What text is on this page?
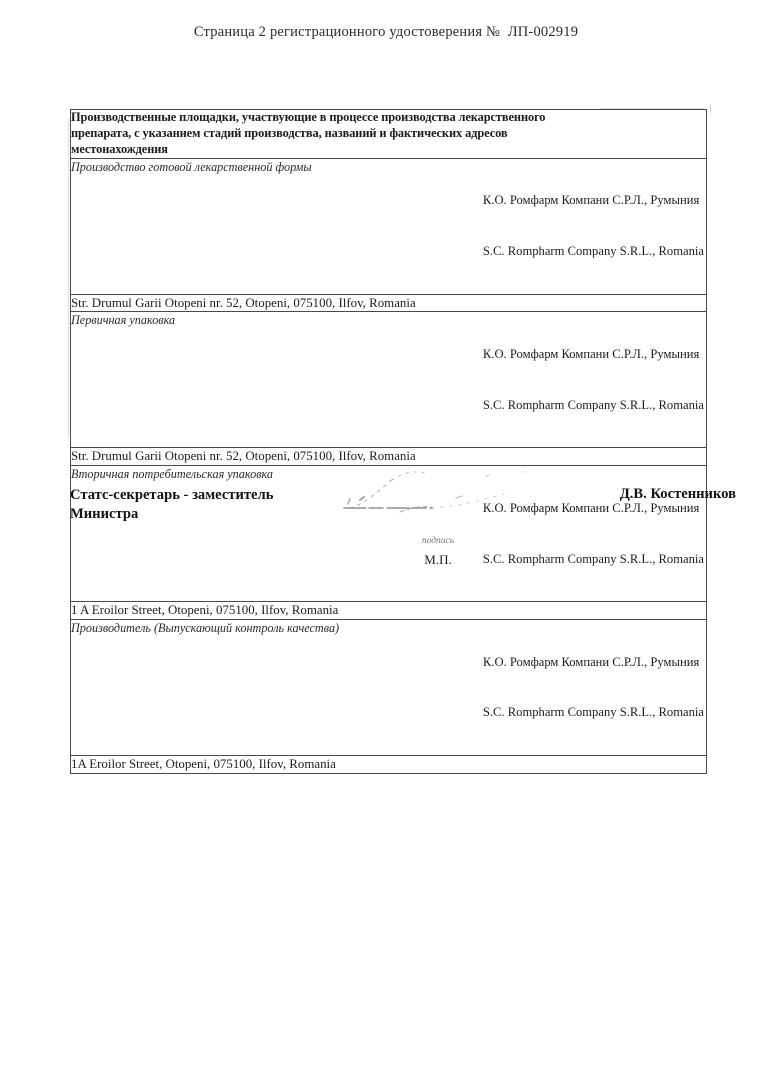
Страница 2 регистрационного удостоверения №  ЛП-002919
Производственные площадки, участвующие в процессе производства лекарственного
препарата, с указанием стадий производства, названий и фактических адресов
местонахождения

Производство готовой лекарственной формы

К.О. Ромфарм Компани С.Р.Л., Румыния

S.C. Rompharm Company S.R.L., Romania

Str. Drumul Garii Otopeni nr. 52, Otopeni, 075100, Ilfov, Romania

Первичная упаковка

К.О. Ромфарм Компани С.Р.Л., Румыния

S.C. Rompharm Company S.R.L., Romania

Str. Drumul Garii Otopeni nr. 52, Otopeni, 075100, Ilfov, Romania

Вторичная потребительская упаковка

К.О. Ромфарм Компани С.Р.Л., Румыния

S.C. Rompharm Company S.R.L., Romania

1 A Eroilor Street, Otopeni, 075100, Ilfov, Romania

Производитель (Выпускающий контроль качества)

К.О. Ромфарм Компани С.Р.Л., Румыния

S.C. Rompharm Company S.R.L., Romania

1A Eroilor Street, Otopeni, 075100, Ilfov, Romania
Статс-секретарь - заместитель
Министра
Д.В. Костенников
подпись
М.П.
